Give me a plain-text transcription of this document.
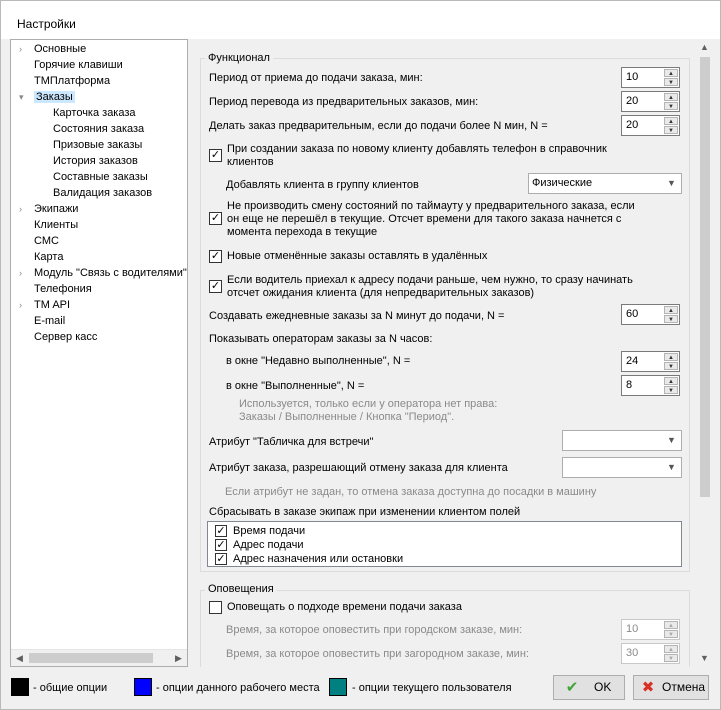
Настройки
›	Основные
Горячие клавиши
ТМПлатформа
▾	Заказы
Карточка заказа
Состояния заказа
Призовые заказы
История заказов
Составные заказы
Валидация заказов
›	Экипажи
Клиенты
СМС
Карта
›	Модуль "Связь с водителями"
Телефония
›	TM API
E-mail
Сервер касс
◀	▶
Функционал
Период от приема до подачи заказа, мин:	10	▲
▼
Период перевода из предварительных заказов, мин:	20	▲
▼
Делать заказ предварительным, если до подачи более N мин, N =	20	▲
▼
✓ При создании заказа по новому клиенту добавлять телефон в справочник клиентов
Добавлять клиента в группу клиентов	Физические	▼
✓
Не производить смену состояний по таймауту у предварительного заказа, если он еще не перешёл в текущие. Отсчет времени для такого заказа начнется с момента перехода в текущие
✓ Новые отменённые заказы оставлять в удалённых
✓ Если водитель приехал к адресу подачи раньше, чем нужно, то сразу начинать отсчет ожидания клиента (для непредварительных заказов)
Создавать ежедневные заказы за N минут до подачи, N =	60	▲
▼
Показывать операторам заказы за N часов:
в окне "Недавно выполненные", N =	24	▲
▼
в окне "Выполненные", N =	8	▲
▼
Используется, только если у оператора нет права: Заказы / Выполненные / Кнопка "Период".
Атрибут "Табличка для встречи"	▼
Атрибут заказа, разрешающий отмену заказа для клиента	▼
Если атрибут не задан, то отмена заказа доступна до посадки в машину
Сбрасывать в заказе экипаж при изменении клиентом полей
✓ Время подачи
✓ Адрес подачи
✓ Адрес назначения или остановки
Оповещения
Оповещать о подходе времени подачи заказа
Время, за которое оповестить при городском заказе, мин:	10	▲
▼
Время, за которое оповестить при загородном заказе, мин:	30	▲
▼
▲
▼
- общие опции	- опции данного рабочего места	- опции текущего пользователя	✔ OK ✖ Отмена
